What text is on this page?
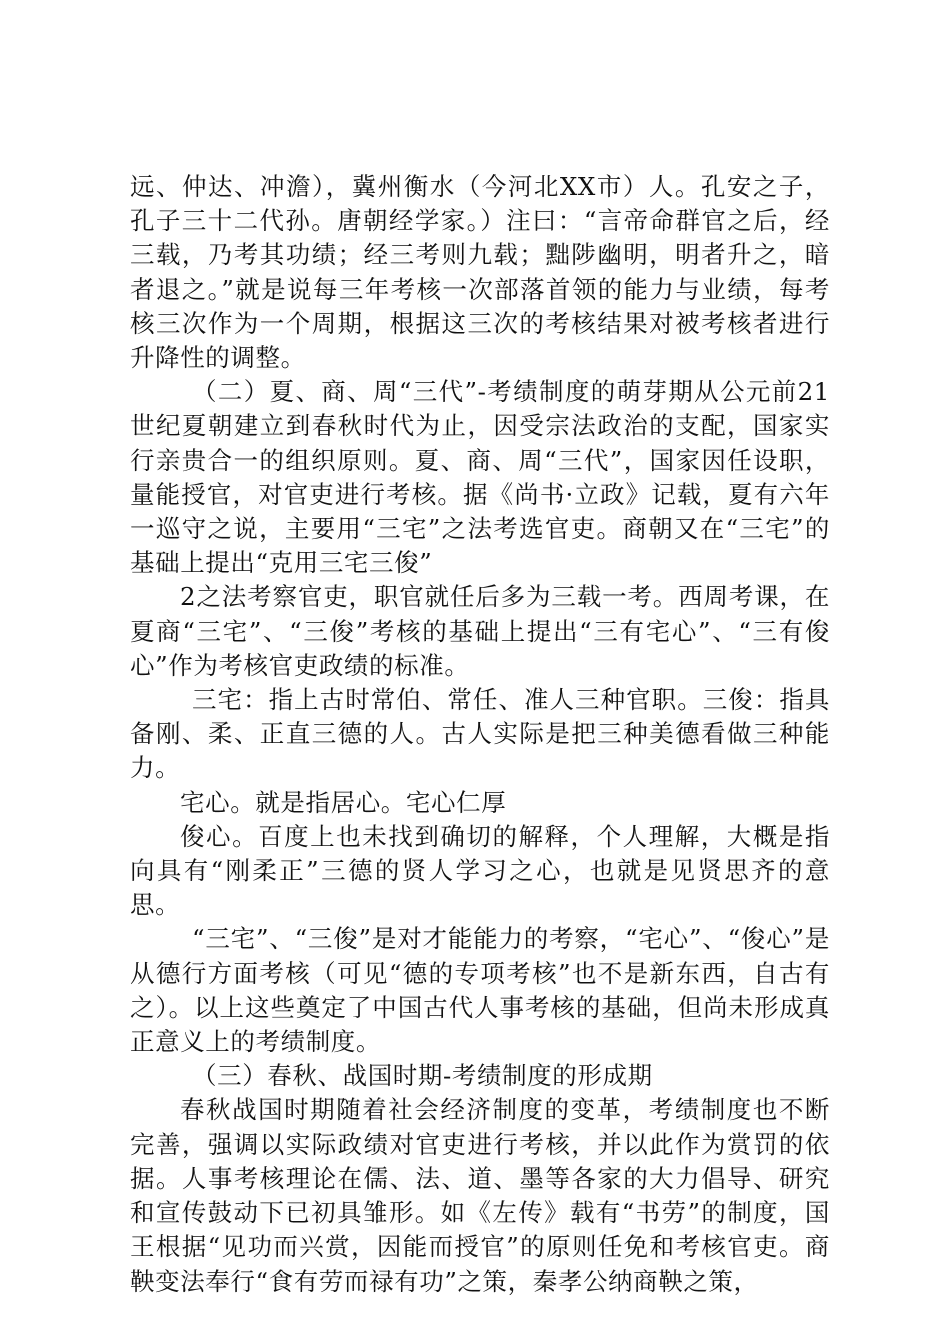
远、仲达、冲澹），冀州衡水（今河北XX市）人。孔安之子，孔子三十二代孙。唐朝经学家。）注曰：“言帝命群官之后，经三载，乃考其功绩；经三考则九载；黜陟幽明，明者升之，暗者退之。”就是说每三年考核一次部落首领的能力与业绩，每考核三次作为一个周期，根据这三次的考核结果对被考核者进行升降性的调整。

（二）夏、商、周“三代”-考绩制度的萌芽期从公元前21世纪夏朝建立到春秋时代为止，因受宗法政治的支配，国家实行亲贵合一的组织原则。夏、商、周“三代”，国家因任设职，量能授官，对官吏进行考核。据《尚书·立政》记载，夏有六年一巡守之说，主要用“三宅”之法考选官吏。商朝又在“三宅”的基础上提出“克用三宅三俊”

2之法考察官吏，职官就任后多为三载一考。西周考课，在夏商“三宅”、“三俊”考核的基础上提出“三有宅心”、“三有俊心”作为考核官吏政绩的标准。

三宅：指上古时常伯、常任、准人三种官职。三俊：指具备刚、柔、正直三德的人。古人实际是把三种美德看做三种能力。

宅心。就是指居心。宅心仁厚

俊心。百度上也未找到确切的解释，个人理解，大概是指向具有“刚柔正”三德的贤人学习之心，也就是见贤思齐的意思。

“三宅”、“三俊”是对才能能力的考察，“宅心”、“俊心”是从德行方面考核（可见“德的专项考核”也不是新东西，自古有之）。以上这些奠定了中国古代人事考核的基础，但尚未形成真正意义上的考绩制度。

（三）春秋、战国时期-考绩制度的形成期

春秋战国时期随着社会经济制度的变革，考绩制度也不断完善，强调以实际政绩对官吏进行考核，并以此作为赏罚的依据。人事考核理论在儒、法、道、墨等各家的大力倡导、研究和宣传鼓动下已初具雏形。如《左传》载有“书劳”的制度，国王根据“见功而兴赏，因能而授官”的原则任免和考核官吏。商鞅变法奉行“食有劳而禄有功”之策，秦孝公纳商鞅之策，
